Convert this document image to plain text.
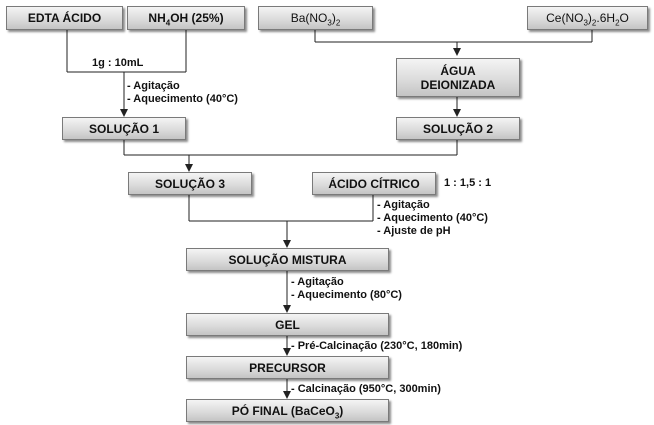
EDTA ÁCIDO	$NH_4OH$ (25%)	$Ba(NO_3)_2$	$Ce(NO_3)_2.6H_2O$
ÁGUA
DEIONIZADA
SOLUÇÃO 1	SOLUÇÃO 2
SOLUÇÃO 3	ÁCIDO CÍTRICO
SOLUÇÃO MISTURA
GEL
PRECURSOR
PÓ FINAL (BaCeO$_3$)
1g : 10mL
- Agitação
- Aquecimento (40°C)
1 : 1,5 : 1
- Agitação
- Aquecimento (40°C)
- Ajuste de pH
- Agitação
- Aquecimento (80°C)
- Pré-Calcinação (230°C, 180min)
- Calcinação (950°C, 300min)
